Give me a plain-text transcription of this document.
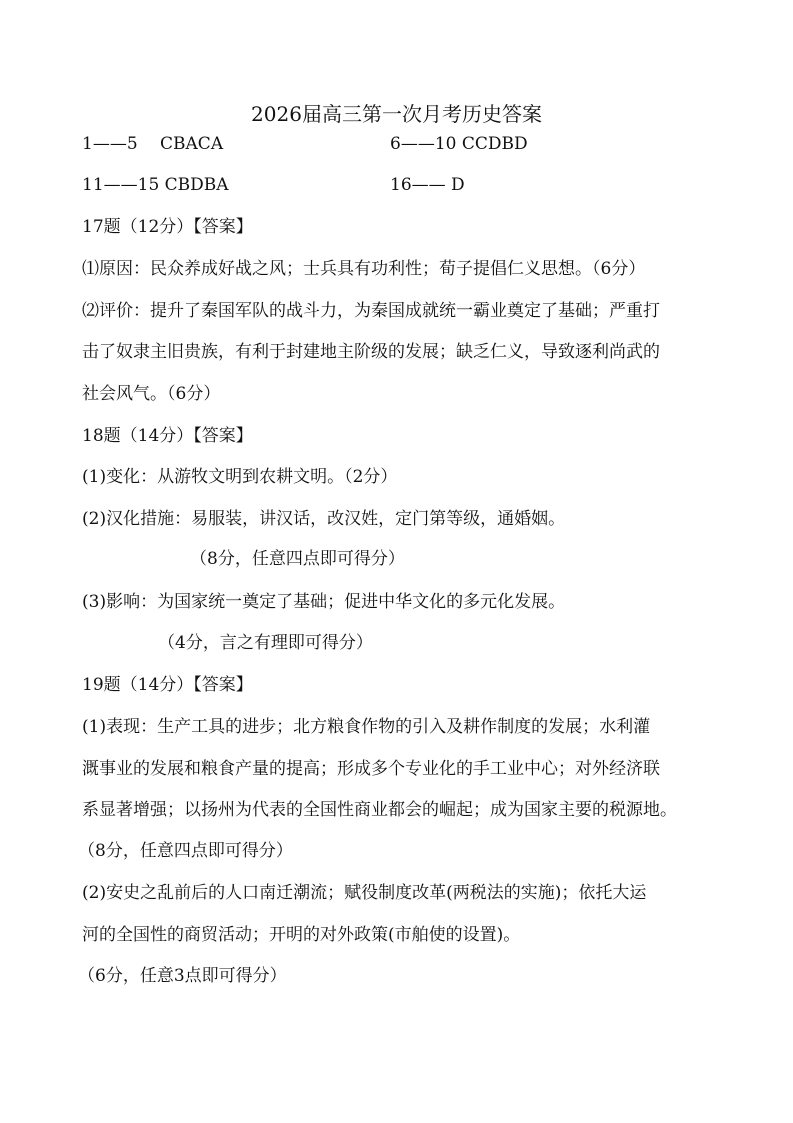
2026届高三第一次月考历史答案
1——5　 CBACA	6——10 CCDBD
11——15 CBDBA	16—— D
17题（12分）【答案】
⑴原因：民众养成好战之风；士兵具有功利性；荀子提倡仁义思想。（6分）
⑵评价：提升了秦国军队的战斗力，为秦国成就统一霸业奠定了基础；严重打
击了奴隶主旧贵族，有利于封建地主阶级的发展；缺乏仁义，导致逐利尚武的
社会风气。（6分）
18题（14分）【答案】
(1)变化：从游牧文明到农耕文明。（2分）
(2)汉化措施：易服装，讲汉话，改汉姓，定门第等级，通婚姻。
（8分，任意四点即可得分）
(3)影响：为国家统一奠定了基础；促进中华文化的多元化发展。
（4分，言之有理即可得分）
19题（14分）【答案】
(1)表现：生产工具的进步；北方粮食作物的引入及耕作制度的发展；水利灌
溉事业的发展和粮食产量的提高；形成多个专业化的手工业中心；对外经济联
系显著增强；以扬州为代表的全国性商业都会的崛起；成为国家主要的税源地。
（8分，任意四点即可得分）
(2)安史之乱前后的人口南迁潮流；赋役制度改革(两税法的实施)；依托大运
河的全国性的商贸活动；开明的对外政策(市舶使的设置)。
（6分，任意3点即可得分）
